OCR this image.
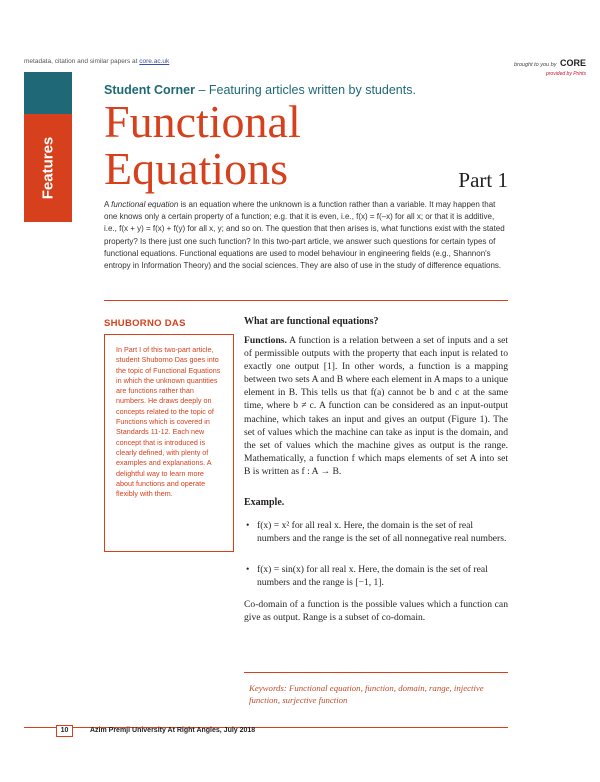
metadata, citation and similar papers at core.ac.uk	brought to you by CORE
provided by Prints
Features
Student Corner – Featuring articles written by students.
Functional
Equations	Part 1
A functional equation is an equation where the unknown is a function rather than a variable. It may happen that one knows only a certain property of a function; e.g. that it is even, i.e., f(x) = f(–x) for all x; or that it is additive, i.e., f(x + y) = f(x) + f(y) for all x, y; and so on. The question that then arises is, what functions exist with the stated property? Is there just one such function? In this two-part article, we answer such questions for certain types of functional equations. Functional equations are used to model behaviour in engineering fields (e.g., Shannon's entropy in Information Theory) and the social sciences. They are also of use in the study of difference equations.
SHUBORNO DAS
In Part I of this two-part article, student Shuborno Das goes into the topic of Functional Equations in which the unknown quantities are functions rather than numbers. He draws deeply on concepts related to the topic of Functions which is covered in Standards 11-12. Each new concept that is introduced is clearly defined, with plenty of examples and explanations. A delightful way to learn more about functions and operate flexibly with them.
What are functional equations?
Functions. A function is a relation between a set of inputs and a set of permissible outputs with the property that each input is related to exactly one output [1]. In other words, a function is a mapping between two sets A and B where each element in A maps to a unique element in B. This tells us that f(a) cannot be b and c at the same time, where b ≠ c. A function can be considered as an input-output machine, which takes an input and gives an output (Figure 1). The set of values which the machine can take as input is the domain, and the set of values which the machine gives as output is the range. Mathematically, a function f which maps elements of set A into set B is written as f : A → B.
Example.
• f(x) = x² for all real x. Here, the domain is the set of real numbers and the range is the set of all nonnegative real numbers.
• f(x) = sin(x) for all real x. Here, the domain is the set of real numbers and the range is [−1, 1].
Co-domain of a function is the possible values which a function can give as output. Range is a subset of co-domain.
Keywords: Functional equation, function, domain, range, injective function, surjective function
10	Azim Premji University At Right Angles, July 2018
